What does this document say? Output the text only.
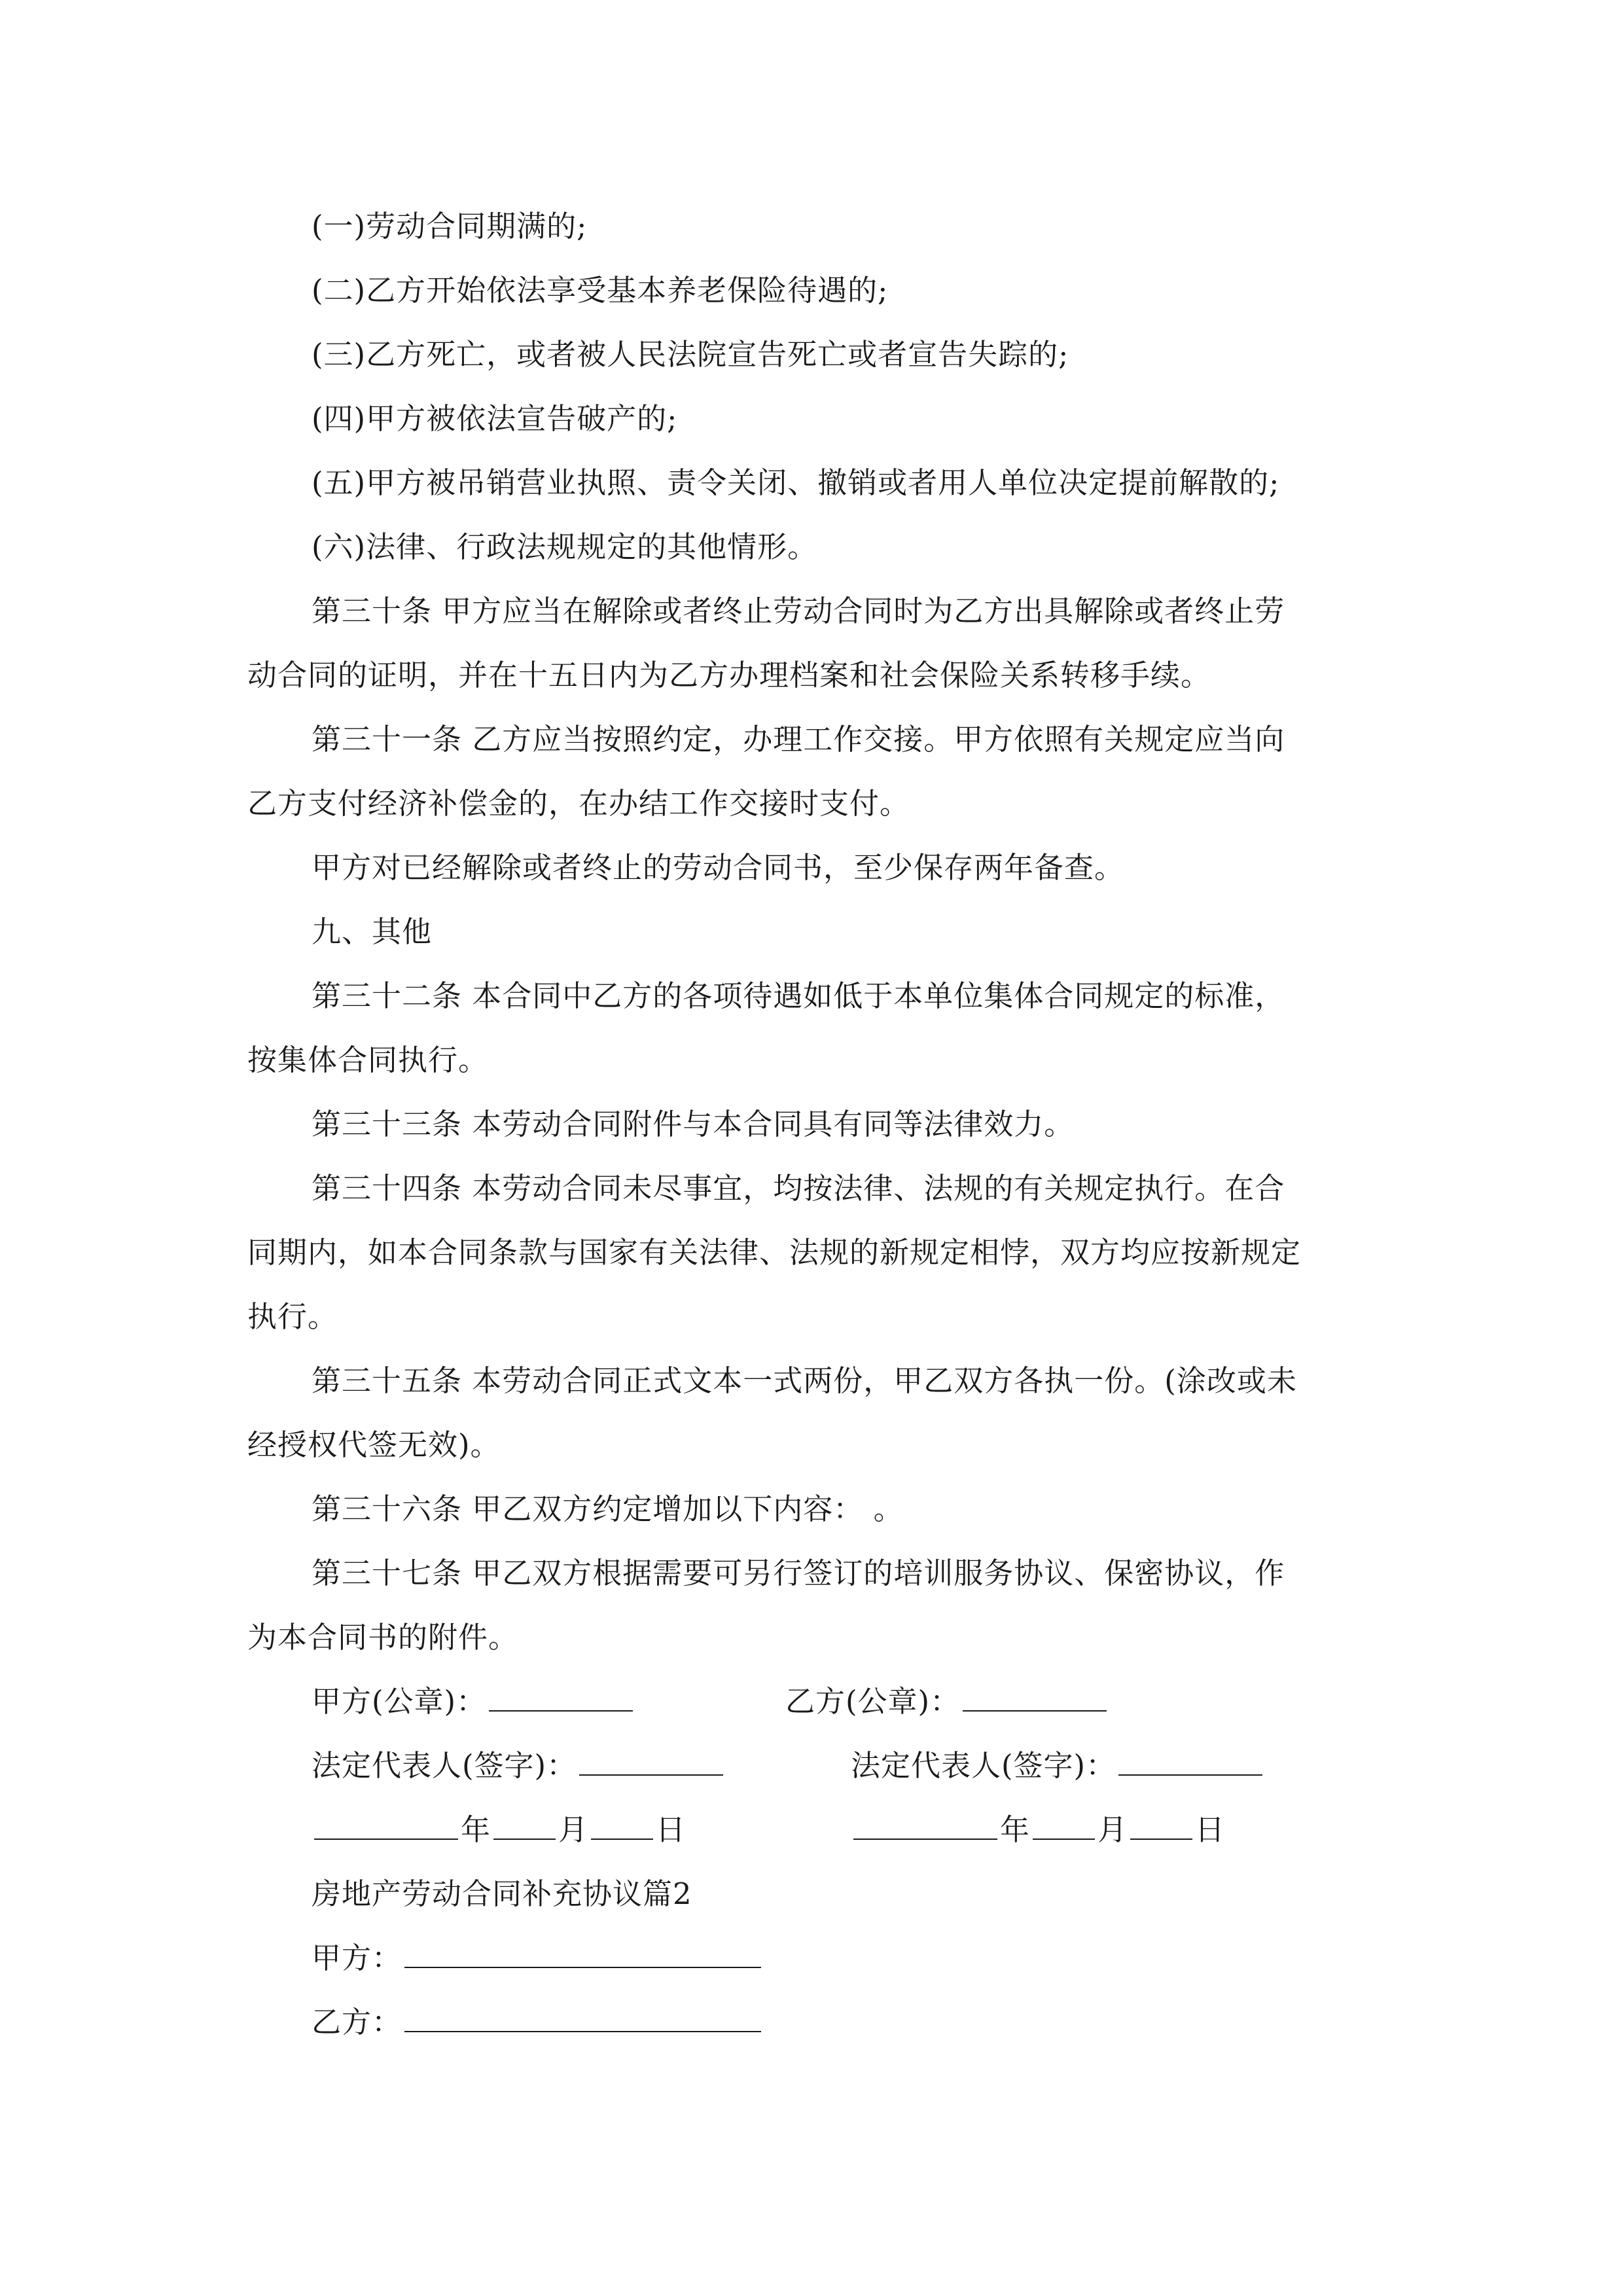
(一)劳动合同期满的;
(二)乙方开始依法享受基本养老保险待遇的;
(三)乙方死亡，或者被人民法院宣告死亡或者宣告失踪的;
(四)甲方被依法宣告破产的;
(五)甲方被吊销营业执照、责令关闭、撤销或者用人单位决定提前解散的;
(六)法律、行政法规规定的其他情形。
第三十条 甲方应当在解除或者终止劳动合同时为乙方出具解除或者终止劳
动合同的证明，并在十五日内为乙方办理档案和社会保险关系转移手续。
第三十一条 乙方应当按照约定，办理工作交接。甲方依照有关规定应当向
乙方支付经济补偿金的，在办结工作交接时支付。
甲方对已经解除或者终止的劳动合同书，至少保存两年备查。
九、其他
第三十二条 本合同中乙方的各项待遇如低于本单位集体合同规定的标准，
按集体合同执行。
第三十三条 本劳动合同附件与本合同具有同等法律效力。
第三十四条 本劳动合同未尽事宜，均按法律、法规的有关规定执行。在合
同期内，如本合同条款与国家有关法律、法规的新规定相悖，双方均应按新规定
执行。
第三十五条 本劳动合同正式文本一式两份，甲乙双方各执一份。(涂改或未
经授权代签无效)。
第三十六条 甲乙双方约定增加以下内容： 。
第三十七条 甲乙双方根据需要可另行签订的培训服务协议、保密协议，作
为本合同书的附件。
甲方(公章)：	乙方(公章)：
法定代表人(签字)：	法定代表人(签字)：
年 月 日	年 月 日
房地产劳动合同补充协议篇2
甲方：
乙方：
